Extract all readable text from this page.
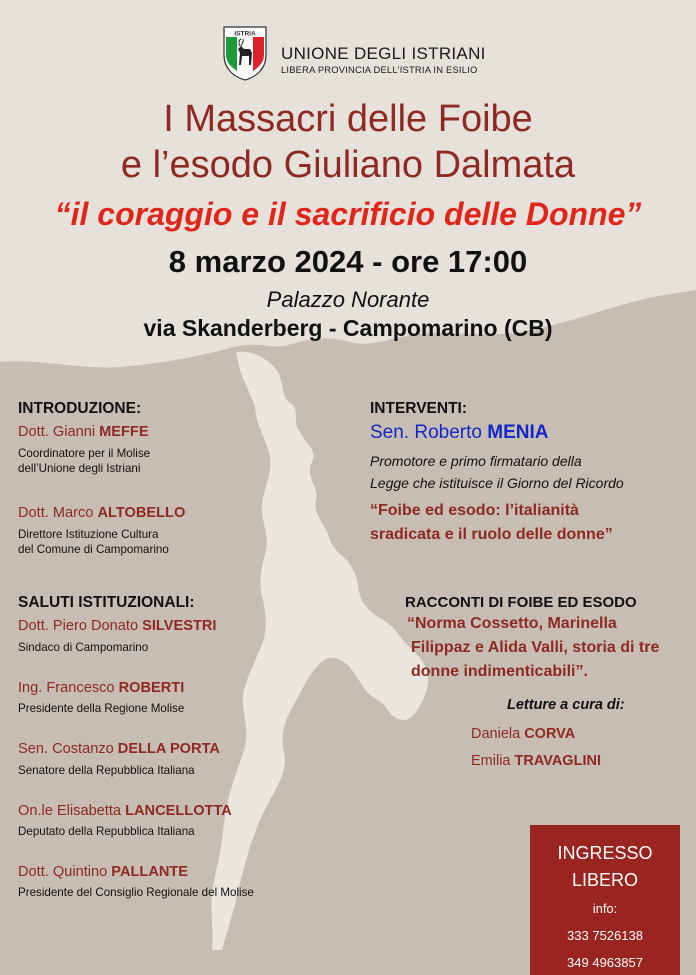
ISTRIA
UNIONE DEGLI ISTRIANI
LIBERA PROVINCIA DELL'ISTRIA IN ESILIO
I Massacri delle Foibe
e l’esodo Giuliano Dalmata
“il coraggio e il sacrificio delle Donne”
8 marzo 2024 - ore 17:00
Palazzo Norante
via Skanderberg - Campomarino (CB)
INTRODUZIONE:
Dott. Gianni MEFFE
Coordinatore per il Molise
dell’Unione degli Istriani
Dott. Marco ALTOBELLO
Direttore Istituzione Cultura
del Comune di Campomarino
SALUTI ISTITUZIONALI:
Dott. Piero Donato SILVESTRI
Sindaco di Campomarino
Ing. Francesco ROBERTI
Presidente della Regione Molise
Sen. Costanzo DELLA PORTA
Senatore della Repubblica Italiana
On.le Elisabetta LANCELLOTTA
Deputato della Repubblica Italiana
Dott. Quintino PALLANTE
Presidente del Consiglio Regionale del Molise
INTERVENTI:
Sen. Roberto MENIA
Promotore e primo firmatario della
Legge che istituisce il Giorno del Ricordo
“Foibe ed esodo: l’italianità
sradicata e il ruolo delle donne”
RACCONTI DI FOIBE ED ESODO
“Norma Cossetto, Marinella
Filippaz e Alida Valli, storia di tre
donne indimenticabili”.
Letture a cura di:
Daniela CORVA
Emilia TRAVAGLINI
INGRESSO
LIBERO
info:
333 7526138
349 4963857
